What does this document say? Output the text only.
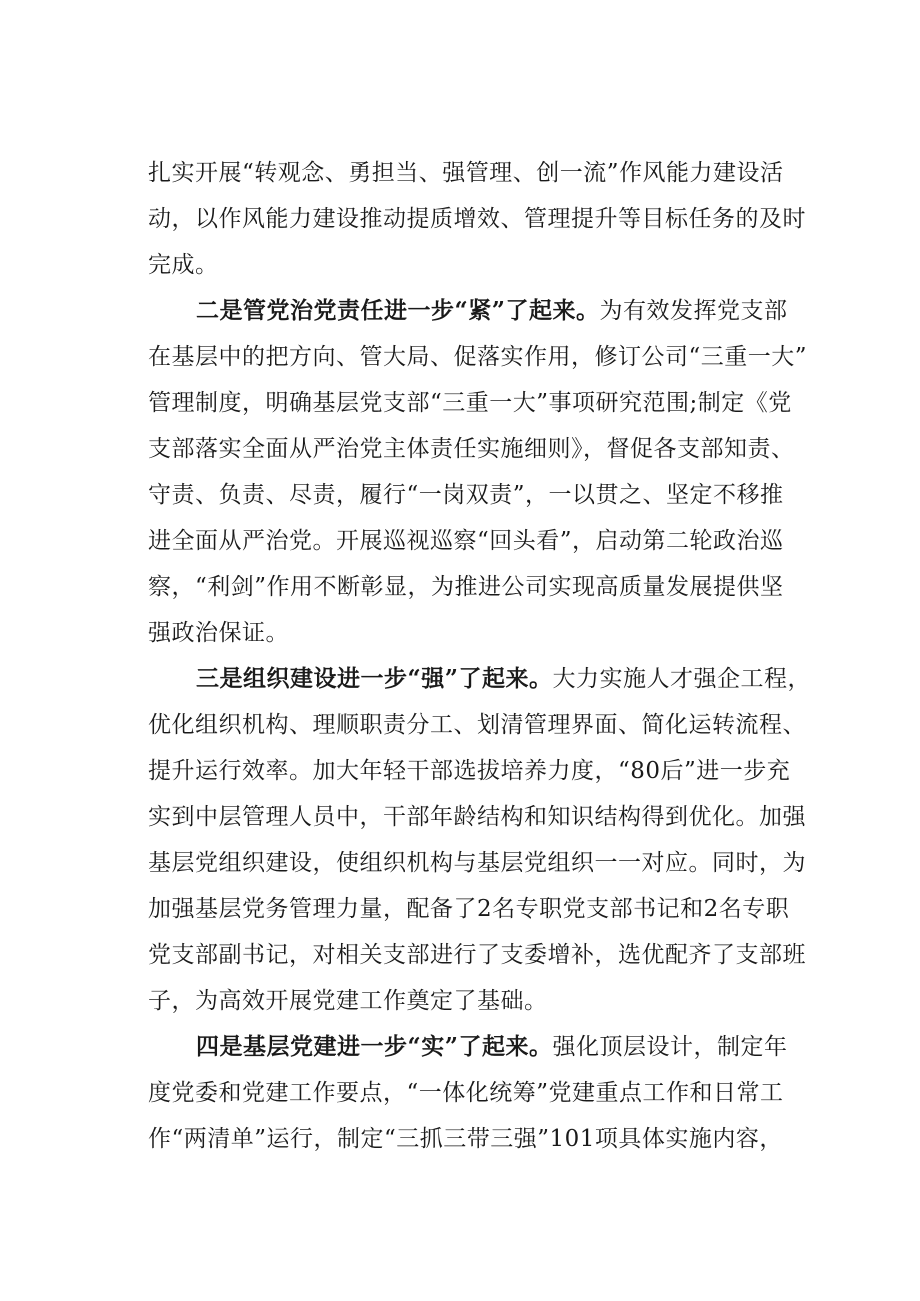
扎实开展“转观念、勇担当、强管理、创一流”作风能力建设活
动，以作风能力建设推动提质增效、管理提升等目标任务的及时
完成。

二是管党治党责任进一步“紧”了起来。为有效发挥党支部
在基层中的把方向、管大局、促落实作用，修订公司“三重一大”
管理制度，明确基层党支部“三重一大”事项研究范围;制定《党
支部落实全面从严治党主体责任实施细则》，督促各支部知责、
守责、负责、尽责，履行“一岗双责”，一以贯之、坚定不移推
进全面从严治党。开展巡视巡察“回头看”，启动第二轮政治巡
察，“利剑”作用不断彰显，为推进公司实现高质量发展提供坚
强政治保证。

三是组织建设进一步“强”了起来。大力实施人才强企工程，
优化组织机构、理顺职责分工、划清管理界面、简化运转流程、
提升运行效率。加大年轻干部选拔培养力度，“80后”进一步充
实到中层管理人员中，干部年龄结构和知识结构得到优化。加强
基层党组织建设，使组织机构与基层党组织一一对应。同时，为
加强基层党务管理力量，配备了2名专职党支部书记和2名专职
党支部副书记，对相关支部进行了支委增补，选优配齐了支部班
子，为高效开展党建工作奠定了基础。

四是基层党建进一步“实”了起来。强化顶层设计，制定年
度党委和党建工作要点，“一体化统筹”党建重点工作和日常工
作“两清单”运行，制定“三抓三带三强”101项具体实施内容，
